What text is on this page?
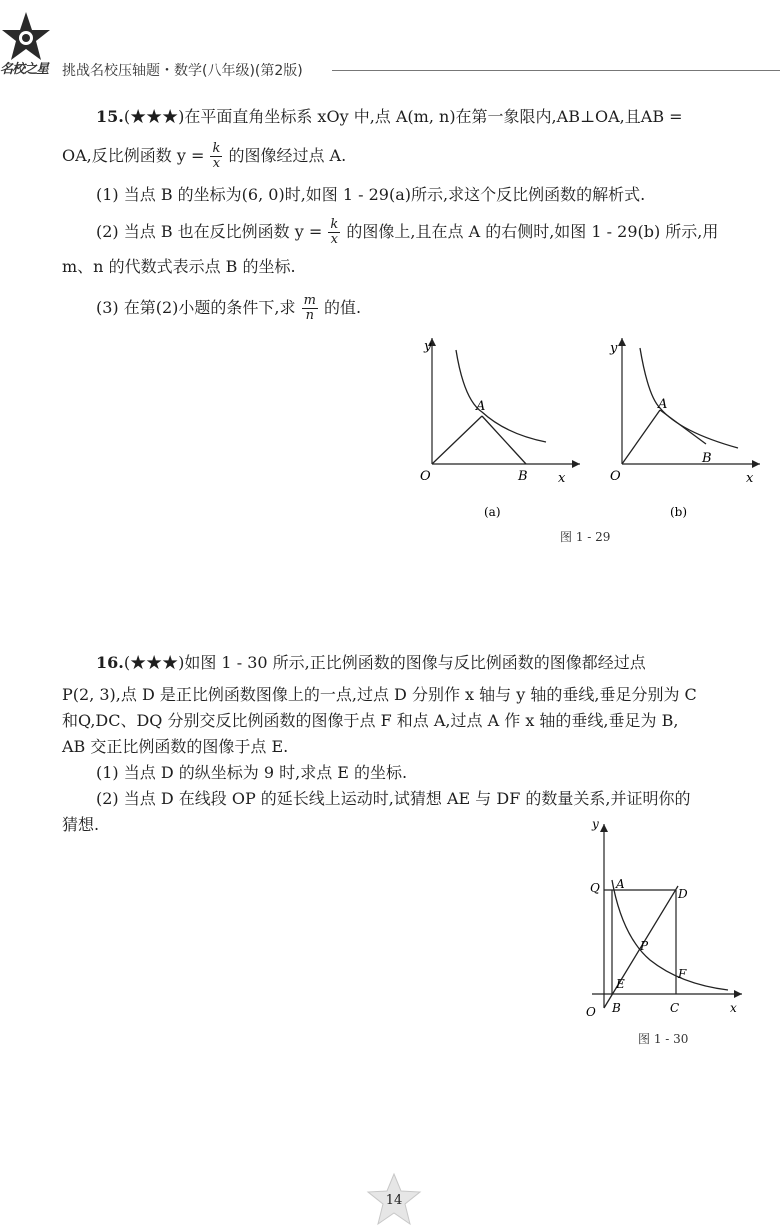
名校之星 挑战名校压轴题・数学(八年级)(第2版)
15.(★★★)在平面直角坐标系 xOy 中,点 A(m, n)在第一象限内,AB⊥OA,且AB =
OA,反比例函数 $y = \frac{k}{x}$ 的图像经过点 A.
(1) 当点 B 的坐标为(6, 0)时,如图 1 - 29(a)所示,求这个反比例函数的解析式.
(2) 当点 B 也在反比例函数 $y = \frac{k}{x}$ 的图像上,且在点 A 的右侧时,如图 1 - 29(b) 所示,用
m、n 的代数式表示点 B 的坐标.
(3) 在第(2)小题的条件下,求 $\frac{m}{n}$ 的值.
y
x
O
A
B
(a)
y
x
O
A
B
(b)
图 1 - 29
16.(★★★)如图 1 - 30 所示,正比例函数的图像与反比例函数的图像都经过点
P(2, 3),点 D 是正比例函数图像上的一点,过点 D 分别作 x 轴与 y 轴的垂线,垂足分别为 C
和Q,DC、DQ 分别交反比例函数的图像于点 F 和点 A,过点 A 作 x 轴的垂线,垂足为 B,
AB 交正比例函数的图像于点 E.
(1) 当点 D 的纵坐标为 9 时,求点 E 的坐标.
(2) 当点 D 在线段 OP 的延长线上运动时,试猜想 AE 与 DF 的数量关系,并证明你的
猜想.	y
x
O
Q A
D
P
E
F
B	C
图 1 - 30
14
